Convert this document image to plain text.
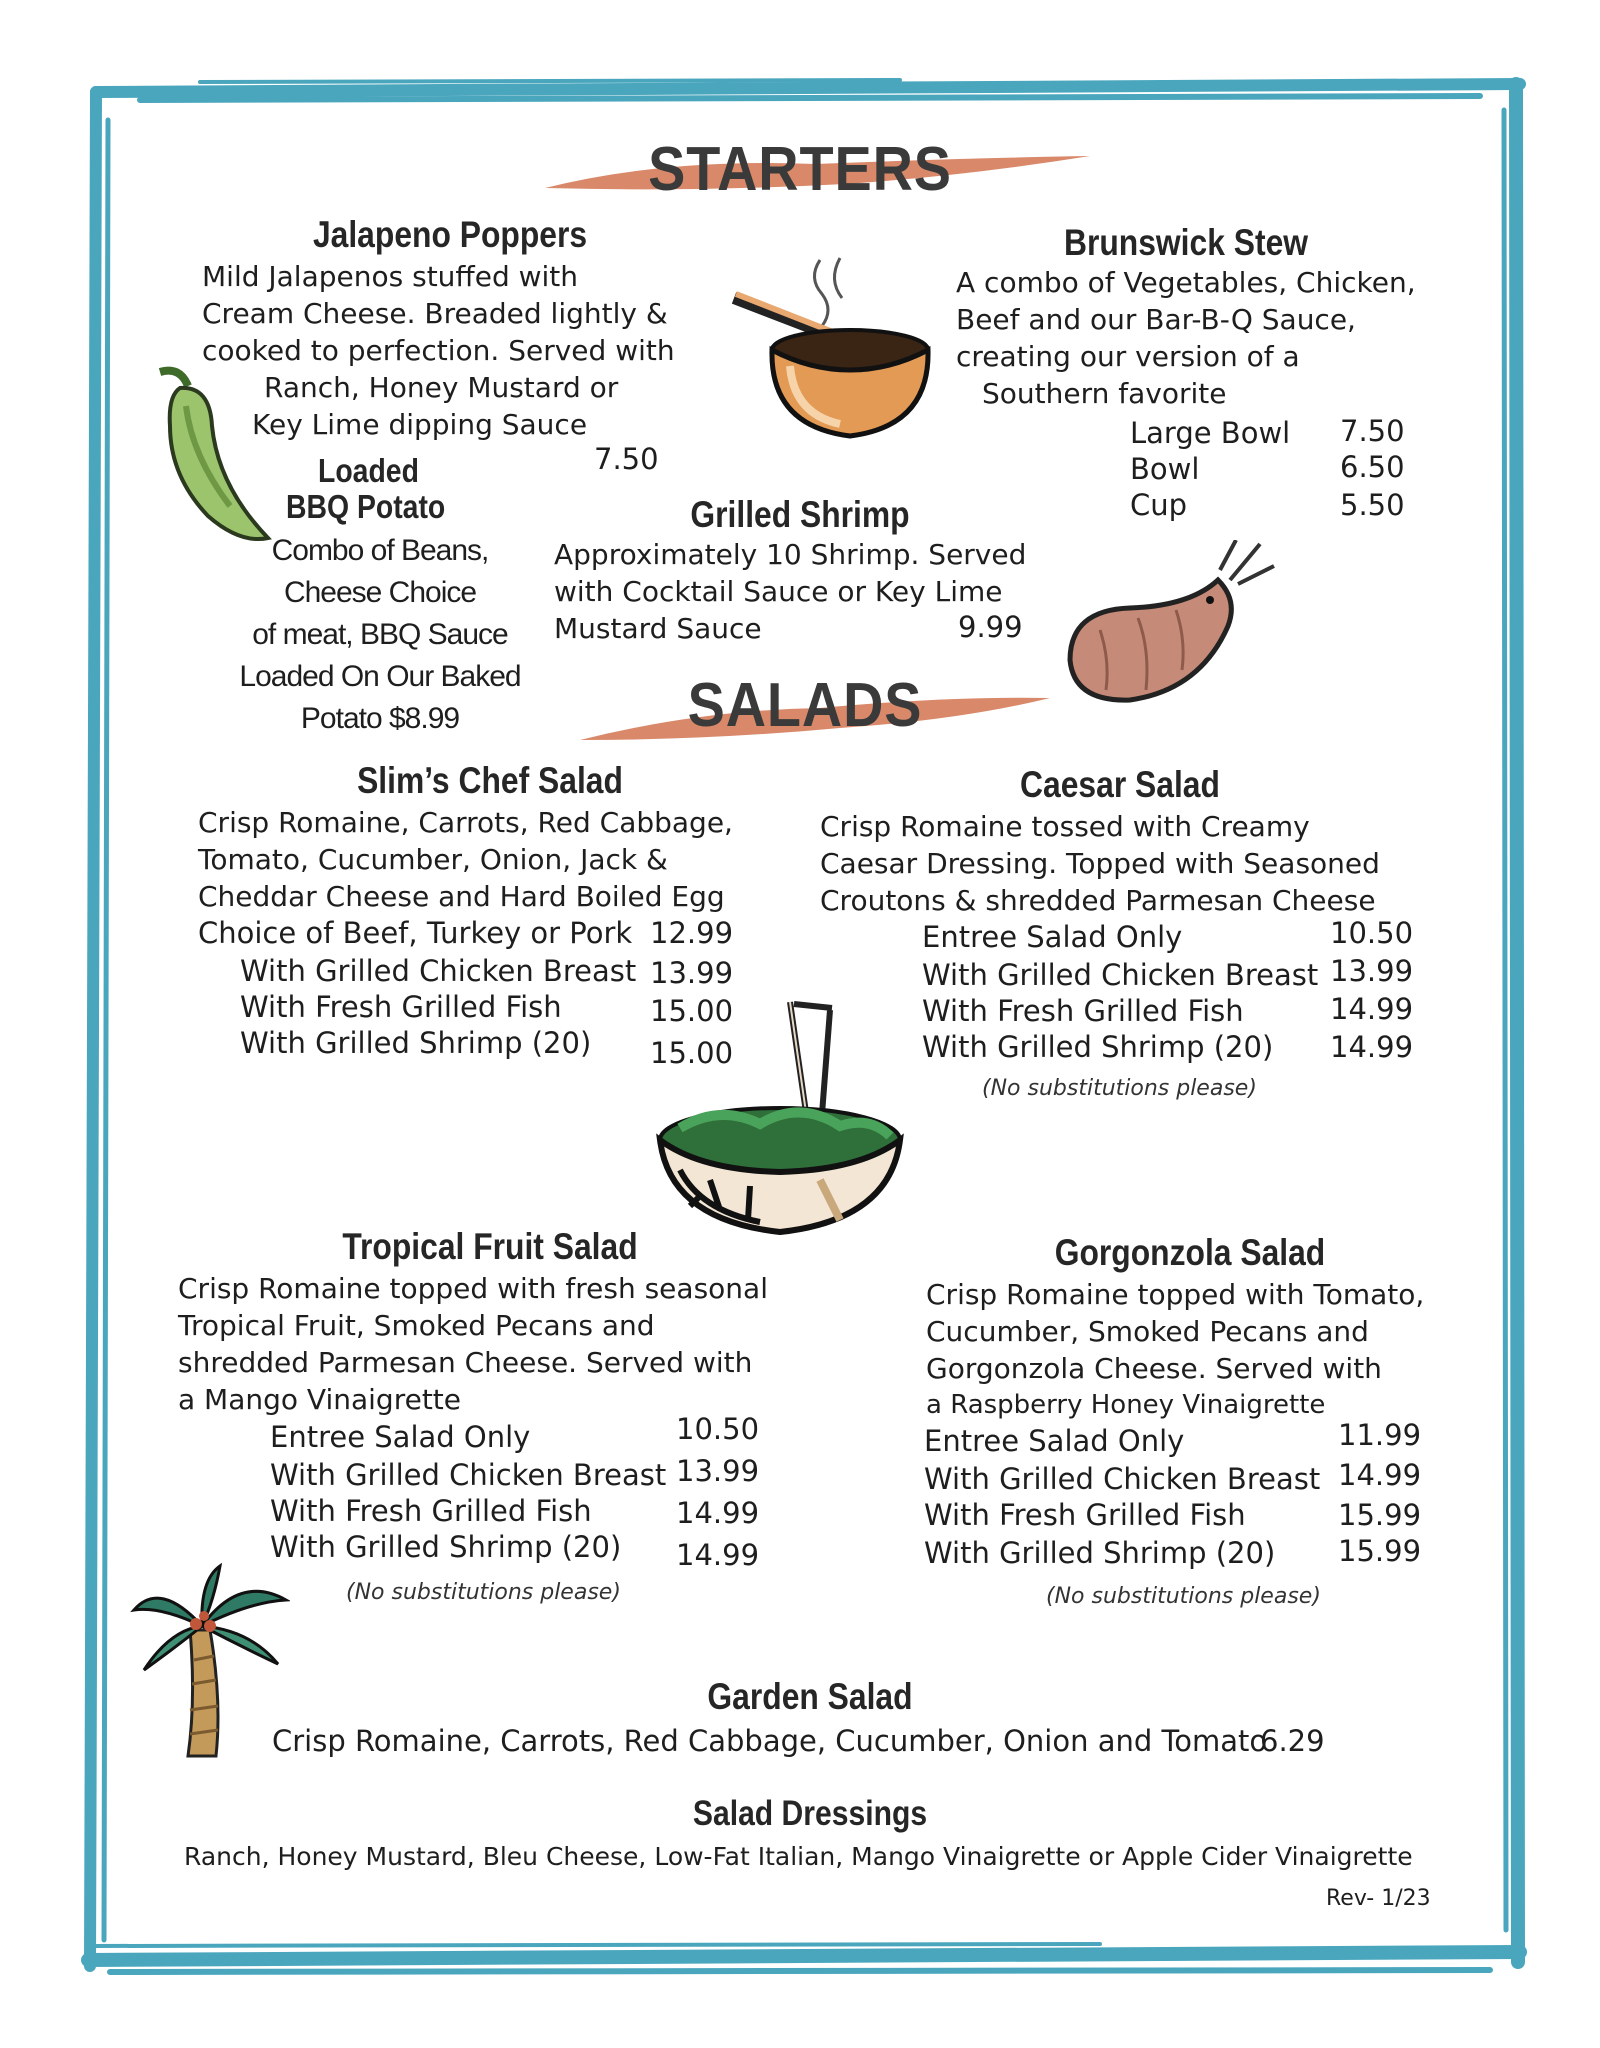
STARTERS
Jalapeno Poppers
Mild Jalapenos stuffed with
Cream Cheese. Breaded lightly &
cooked to perfection. Served with
Ranch, Honey Mustard or
Key Lime dipping Sauce
7.50
Loaded
BBQ Potato
Combo of Beans,
Cheese Choice
of meat, BBQ Sauce
Loaded On Our Baked
Potato $8.99
Brunswick Stew
A combo of Vegetables, Chicken,
Beef and our Bar-B-Q Sauce,
creating our version of a
Southern favorite
Large Bowl 7.50
Bowl	6.50
Cup	5.50
Grilled Shrimp
Approximately 10 Shrimp. Served
with Cocktail Sauce or Key Lime
Mustard Sauce	9.99
SALADS
Slim’s Chef Salad
Crisp Romaine, Carrots, Red Cabbage,
Tomato, Cucumber, Onion, Jack &
Cheddar Cheese and Hard Boiled Egg
Choice of Beef, Turkey or Pork 12.99
With Grilled Chicken Breast 13.99
With Fresh Grilled Fish	15.00
With Grilled Shrimp (20) 15.00
Caesar Salad
Crisp Romaine tossed with Creamy
Caesar Dressing. Topped with Seasoned
Croutons & shredded Parmesan Cheese
Entree Salad Only	10.50
With Grilled Chicken Breast 13.99
With Fresh Grilled Fish	14.99
With Grilled Shrimp (20) 14.99
(No substitutions please)
Tropical Fruit Salad
Crisp Romaine topped with fresh seasonal
Tropical Fruit, Smoked Pecans and
shredded Parmesan Cheese. Served with
a Mango Vinaigrette
Entree Salad Only	10.50
With Grilled Chicken Breast 13.99
With Fresh Grilled Fish	14.99
With Grilled Shrimp (20) 14.99
(No substitutions please)
Gorgonzola Salad
Crisp Romaine topped with Tomato,
Cucumber, Smoked Pecans and
Gorgonzola Cheese. Served with
a Raspberry Honey Vinaigrette
Entree Salad Only	11.99
With Grilled Chicken Breast 14.99
With Fresh Grilled Fish	15.99
With Grilled Shrimp (20) 15.99
(No substitutions please)
Garden Salad
Crisp Romaine, Carrots, Red Cabbage, Cucumber, Onion and Tomato
6.29
Salad Dressings
Ranch, Honey Mustard, Bleu Cheese, Low-Fat Italian, Mango Vinaigrette or Apple Cider Vinaigrette
Rev- 1/23
